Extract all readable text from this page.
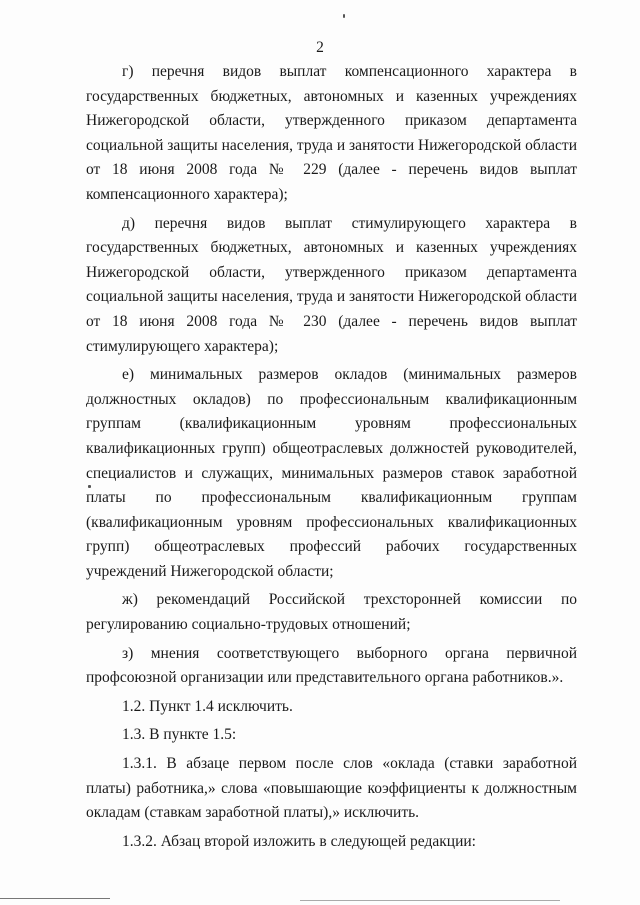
2

г) перечня видов выплат компенсационного характера в государственных бюджетных, автономных и казенных учреждениях Нижегородской области, утвержденного приказом департамента социальной защиты населения, труда и занятости Нижегородской области от 18 июня 2008 года № 229 (далее - перечень видов выплат компенсационного характера);

д) перечня видов выплат стимулирующего характера в государственных бюджетных, автономных и казенных учреждениях Нижегородской области, утвержденного приказом департамента социальной защиты населения, труда и занятости Нижегородской области от 18 июня 2008 года № 230 (далее - перечень видов выплат стимулирующего характера);

е) минимальных размеров окладов (минимальных размеров должностных окладов) по профессиональным квалификационным группам (квалификационным уровням профессиональных квалификационных групп) общеотраслевых должностей руководителей, специалистов и служащих, минимальных размеров ставок заработной платы по профессиональным квалификационным группам (квалификационным уровням профессиональных квалификационных групп) общеотраслевых профессий рабочих государственных учреждений Нижегородской области;

ж) рекомендаций Российской трехсторонней комиссии по регулированию социально-трудовых отношений;

з) мнения соответствующего выборного органа первичной профсоюзной организации или представительного органа работников.».

1.2. Пункт 1.4 исключить.

1.3. В пункте 1.5:

1.3.1. В абзаце первом после слов «оклада (ставки заработной платы) работника,» слова «повышающие коэффициенты к должностным окладам (ставкам заработной платы),» исключить.

1.3.2. Абзац второй изложить в следующей редакции:
